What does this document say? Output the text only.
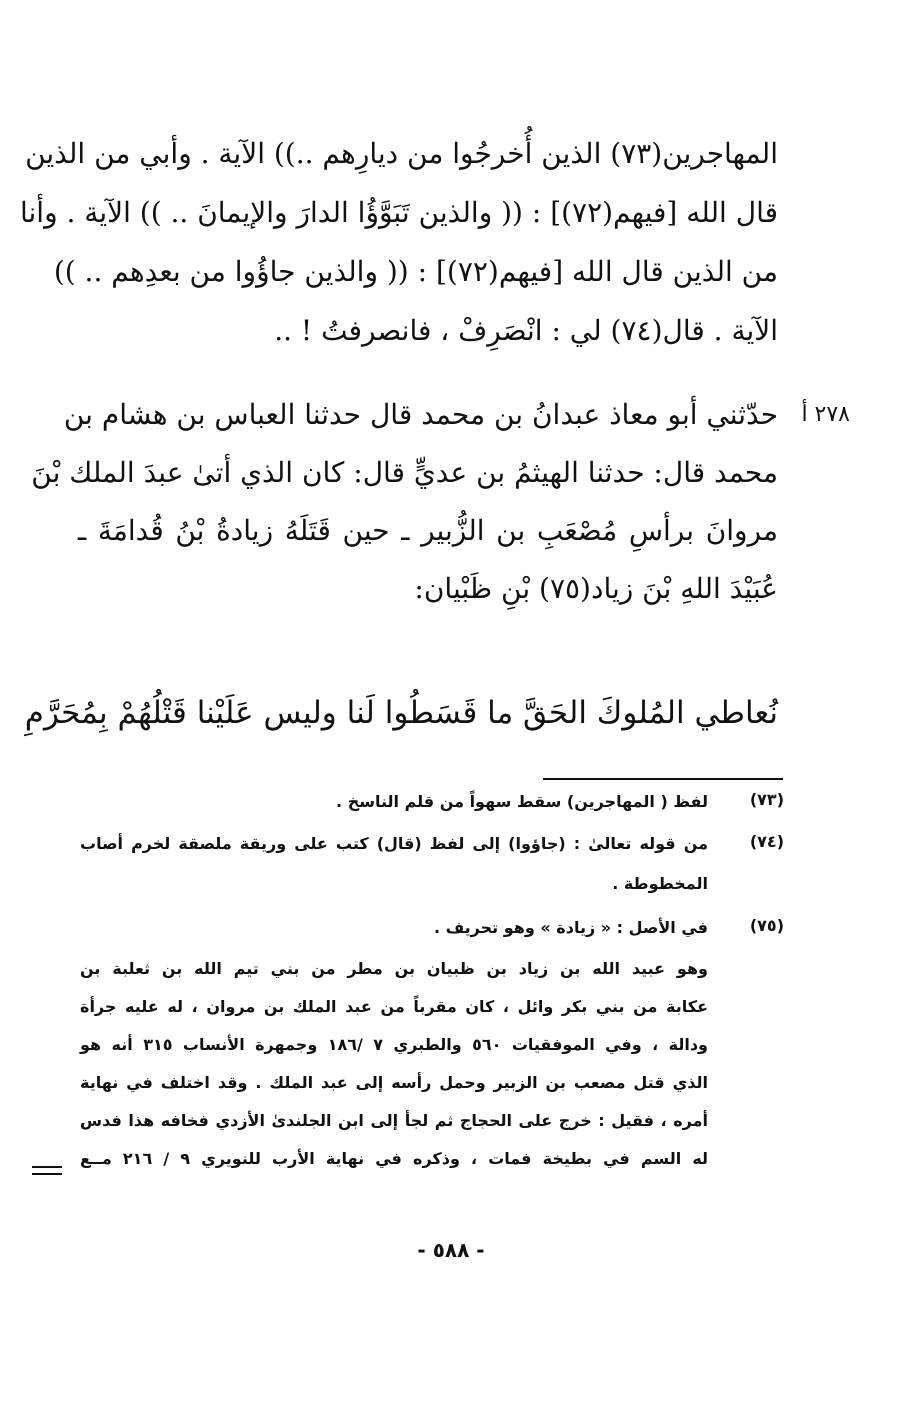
المهاجرين(٧٣) الذين أُخرجُوا من ديارِهم ..)) الآية . وأبي من الذين
قال الله [فيهم(٧٢)] : (( والذين تَبَوَّؤُا الدارَ والإيمانَ .. )) الآية . وأنا
من الذين قال الله [فيهم(٧٢)] : (( والذين جاؤُوا من بعدِهم .. ))
الآية . قال(٧٤) لي : انْصَرِفْ ، فانصرفتُ ! ..
٢٧٨ أ
حدّثني أبو معاذ عبدانُ بن محمد قال حدثنا العباس بن هشام بن
محمد قال: حدثنا الهيثمُ بن عديٍّ قال: كان الذي أتىٰ عبدَ الملك بْنَ
مروانَ برأسِ مُصْعَبِ بن الزُّبير ـ حين قَتَلَهُ زيادةُ بْنُ قُدامَةَ ـ
عُبَيْدَ اللهِ بْنَ زياد(٧٥) بْنِ ظَبْيان:
نُعاطي المُلوكَ الحَقَّ ما قَسَطُوا لَنا وليس عَلَيْنا قَتْلُهُمْ بِمُحَرَّمِ
(٧٣)
لفظ ( المهاجرين) سقط سهواً من قلم الناسخ .
(٧٤)
من قوله تعالىٰ : (جاؤوا) إلى لفظ (قال) كتب على وريقة ملصقة لخرم أصاب
المخطوطة .
(٧٥)
في الأصل : « زيادة » وهو تحريف .
وهو عبيد الله بن زياد بن ظبيان بن مطر من بني تيم الله بن ثعلبة بن
عكابة من بني بكر وائل ، كان مقرباً من عبد الملك بن مروان ، له عليه جرأة
ودالة ، وفي الموفقيات ٥٦٠ والطبري ٧ /١٨٦ وجمهرة الأنساب ٣١٥ أنه هو
الذي قتل مصعب بن الزبير وحمل رأسه إلى عبد الملك . وقد اختلف في نهاية
أمره ، فقيل : خرج على الحجاج ثم لجأ إلى ابن الجلندىٰ الأزدي فخافه هذا فدس
له السم في بطيخة فمات ، وذكره في نهاية الأرب للنويري ٩ / ٢١٦ مــع
- ٥٨٨ -
